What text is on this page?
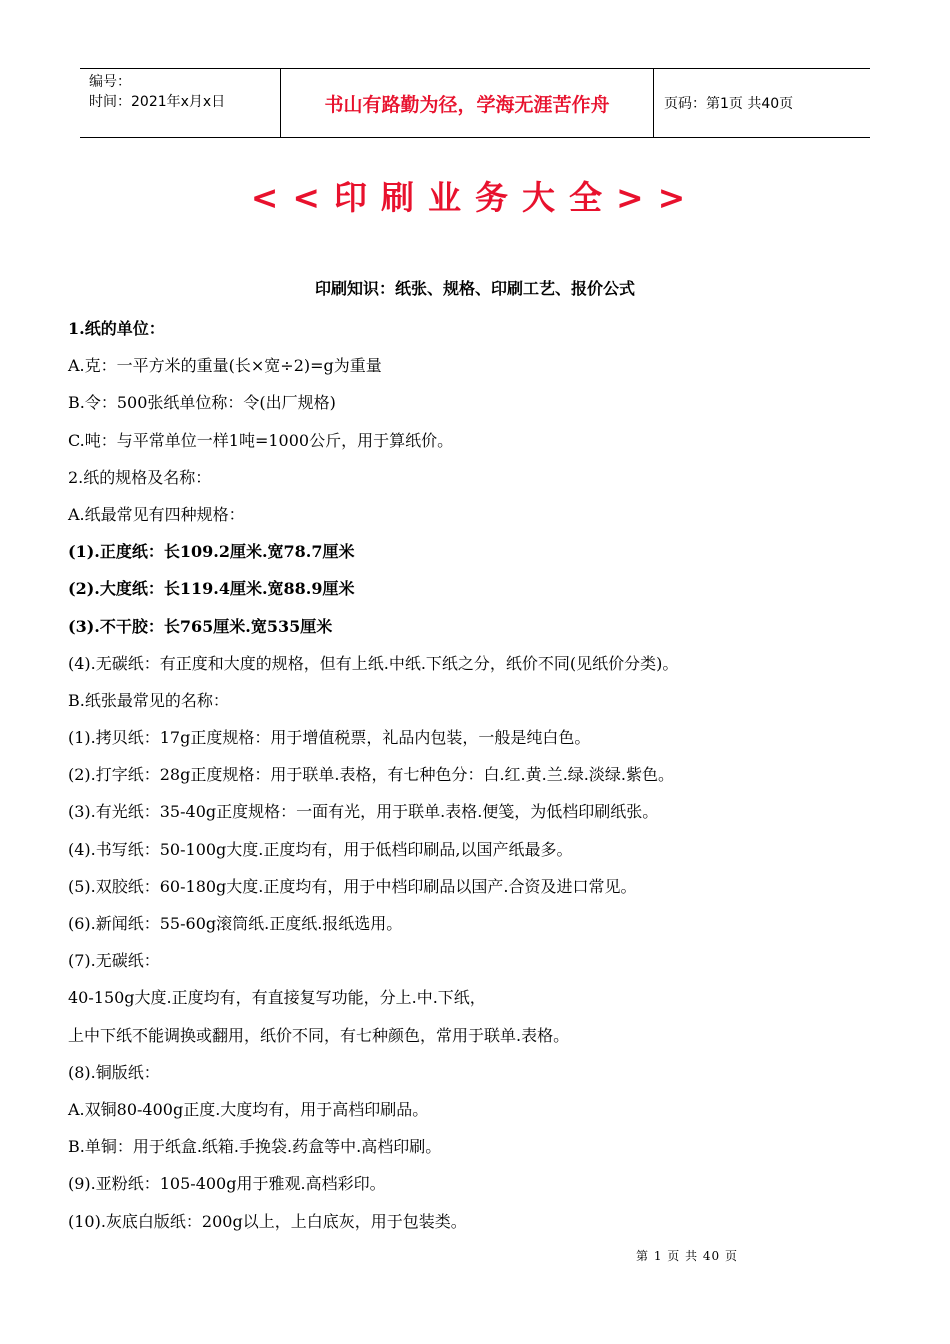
编号：
时间：2021年x月x日	书山有路勤为径，学海无涯苦作舟	页码：第1页 共40页
<<印刷业务大全>>
印刷知识：纸张、规格、印刷工艺、报价公式
1.纸的单位：
A.克：一平方米的重量(长×宽÷2)=g为重量
B.令：500张纸单位称：令(出厂规格)
C.吨：与平常单位一样1吨=1000公斤，用于算纸价。
2.纸的规格及名称：
A.纸最常见有四种规格：
(1).正度纸：长109.2厘米.宽78.7厘米
(2).大度纸：长119.4厘米.宽88.9厘米
(3).不干胶：长765厘米.宽535厘米
(4).无碳纸：有正度和大度的规格，但有上纸.中纸.下纸之分，纸价不同(见纸价分类)。
B.纸张最常见的名称：
(1).拷贝纸：17g正度规格：用于增值税票，礼品内包装，一般是纯白色。
(2).打字纸：28g正度规格：用于联单.表格，有七种色分：白.红.黄.兰.绿.淡绿.紫色。
(3).有光纸：35-40g正度规格：一面有光，用于联单.表格.便笺，为低档印刷纸张。
(4).书写纸：50-100g大度.正度均有，用于低档印刷品,以国产纸最多。
(5).双胶纸：60-180g大度.正度均有，用于中档印刷品以国产.合资及进口常见。
(6).新闻纸：55-60g滚筒纸.正度纸.报纸选用。
(7).无碳纸：
40-150g大度.正度均有，有直接复写功能，分上.中.下纸，
上中下纸不能调换或翻用，纸价不同，有七种颜色，常用于联单.表格。
(8).铜版纸：
A.双铜80-400g正度.大度均有，用于高档印刷品。
B.单铜：用于纸盒.纸箱.手挽袋.药盒等中.高档印刷。
(9).亚粉纸：105-400g用于雅观.高档彩印。
(10).灰底白版纸：200g以上，上白底灰，用于包装类。
第 1 页 共 40 页
